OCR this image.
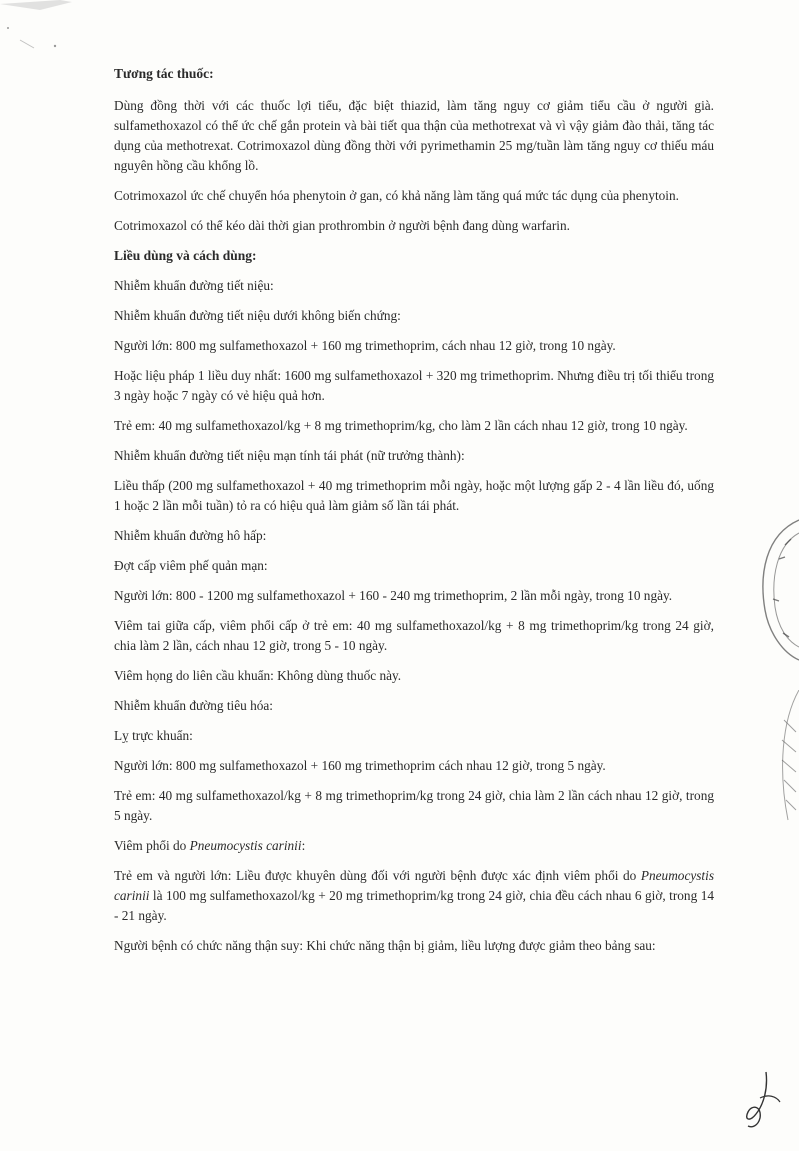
Tương tác thuốc:

Dùng đồng thời với các thuốc lợi tiểu, đặc biệt thiazid, làm tăng nguy cơ giảm tiểu cầu ở người già. sulfamethoxazol có thể ức chế gắn protein và bài tiết qua thận của methotrexat và vì vậy giảm đào thải, tăng tác dụng của methotrexat. Cotrimoxazol dùng đồng thời với pyrimethamin 25 mg/tuần làm tăng nguy cơ thiếu máu nguyên hồng cầu khổng lồ.

Cotrimoxazol ức chế chuyển hóa phenytoin ở gan, có khả năng làm tăng quá mức tác dụng của phenytoin.

Cotrimoxazol có thể kéo dài thời gian prothrombin ở người bệnh đang dùng warfarin.

Liều dùng và cách dùng:

Nhiễm khuẩn đường tiết niệu:

Nhiễm khuẩn đường tiết niệu dưới không biến chứng:

Người lớn: 800 mg sulfamethoxazol + 160 mg trimethoprim, cách nhau 12 giờ, trong 10 ngày.

Hoặc liệu pháp 1 liều duy nhất: 1600 mg sulfamethoxazol + 320 mg trimethoprim. Nhưng điều trị tối thiểu trong 3 ngày hoặc 7 ngày có vẻ hiệu quả hơn.

Trẻ em: 40 mg sulfamethoxazol/kg + 8 mg trimethoprim/kg, cho làm 2 lần cách nhau 12 giờ, trong 10 ngày.

Nhiễm khuẩn đường tiết niệu mạn tính tái phát (nữ trưởng thành):

Liều thấp (200 mg sulfamethoxazol + 40 mg trimethoprim mỗi ngày, hoặc một lượng gấp 2 - 4 lần liều đó, uống 1 hoặc 2 lần mỗi tuần) tỏ ra có hiệu quả làm giảm số lần tái phát.

Nhiễm khuẩn đường hô hấp:

Đợt cấp viêm phế quản mạn:

Người lớn: 800 - 1200 mg sulfamethoxazol + 160 - 240 mg trimethoprim, 2 lần mỗi ngày, trong 10 ngày.

Viêm tai giữa cấp, viêm phổi cấp ở trẻ em: 40 mg sulfamethoxazol/kg + 8 mg trimethoprim/kg trong 24 giờ, chia làm 2 lần, cách nhau 12 giờ, trong 5 - 10 ngày.

Viêm họng do liên cầu khuẩn: Không dùng thuốc này.

Nhiễm khuẩn đường tiêu hóa:

Lỵ trực khuẩn:

Người lớn: 800 mg sulfamethoxazol + 160 mg trimethoprim cách nhau 12 giờ, trong 5 ngày.

Trẻ em: 40 mg sulfamethoxazol/kg + 8 mg trimethoprim/kg trong 24 giờ, chia làm 2 lần cách nhau 12 giờ, trong 5 ngày.

Viêm phổi do Pneumocystis carinii:

Trẻ em và người lớn: Liều được khuyên dùng đối với người bệnh được xác định viêm phổi do Pneumocystis carinii là 100 mg sulfamethoxazol/kg + 20 mg trimethoprim/kg trong 24 giờ, chia đều cách nhau 6 giờ, trong 14 - 21 ngày.

Người bệnh có chức năng thận suy: Khi chức năng thận bị giảm, liều lượng được giảm theo bảng sau:
